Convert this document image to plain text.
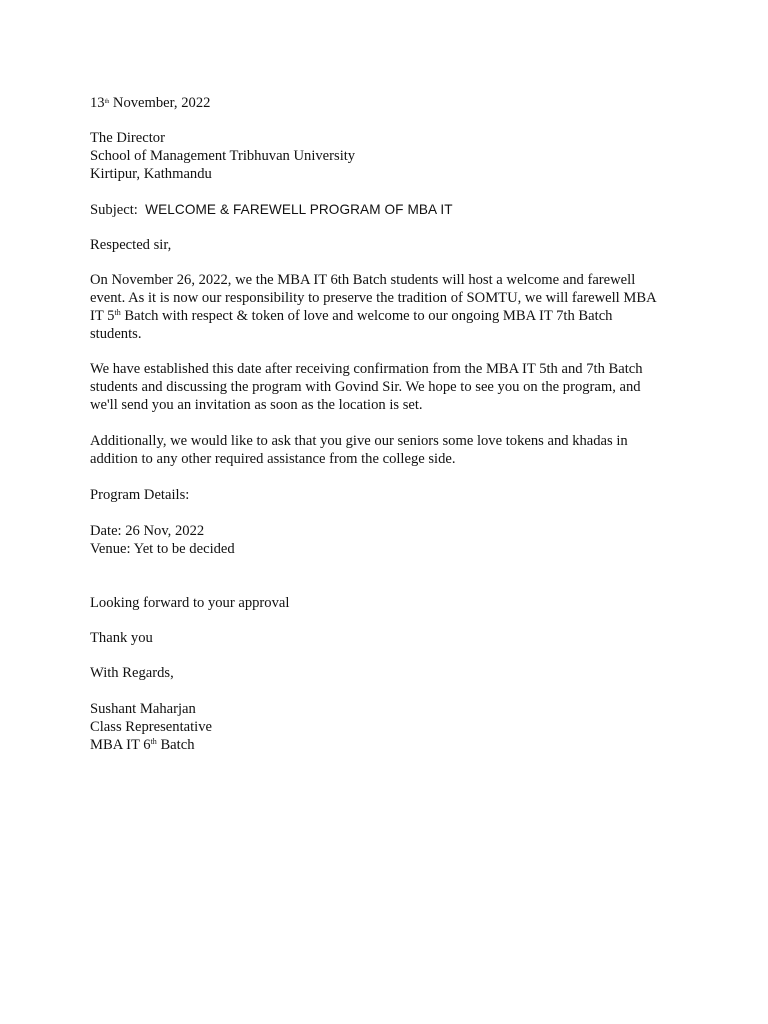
13th November, 2022

The Director
School of Management Tribhuvan University
Kirtipur, Kathmandu

Subject:  WELCOME & FAREWELL PROGRAM OF MBA IT

Respected sir,

On November 26, 2022, we the MBA IT 6th Batch students will host a welcome and farewell
event. As it is now our responsibility to preserve the tradition of SOMTU, we will farewell MBA
IT 5th Batch with respect & token of love and welcome to our ongoing MBA IT 7th Batch
students.
We have established this date after receiving confirmation from the MBA IT 5th and 7th Batch
students and discussing the program with Govind Sir. We hope to see you on the program, and
we'll send you an invitation as soon as the location is set.
Additionally, we would like to ask that you give our seniors some love tokens and khadas in
addition to any other required assistance from the college side.

Program Details:

Date: 26 Nov, 2022
Venue: Yet to be decided

Looking forward to your approval

Thank you

With Regards,

Sushant Maharjan
Class Representative
MBA IT 6th Batch
